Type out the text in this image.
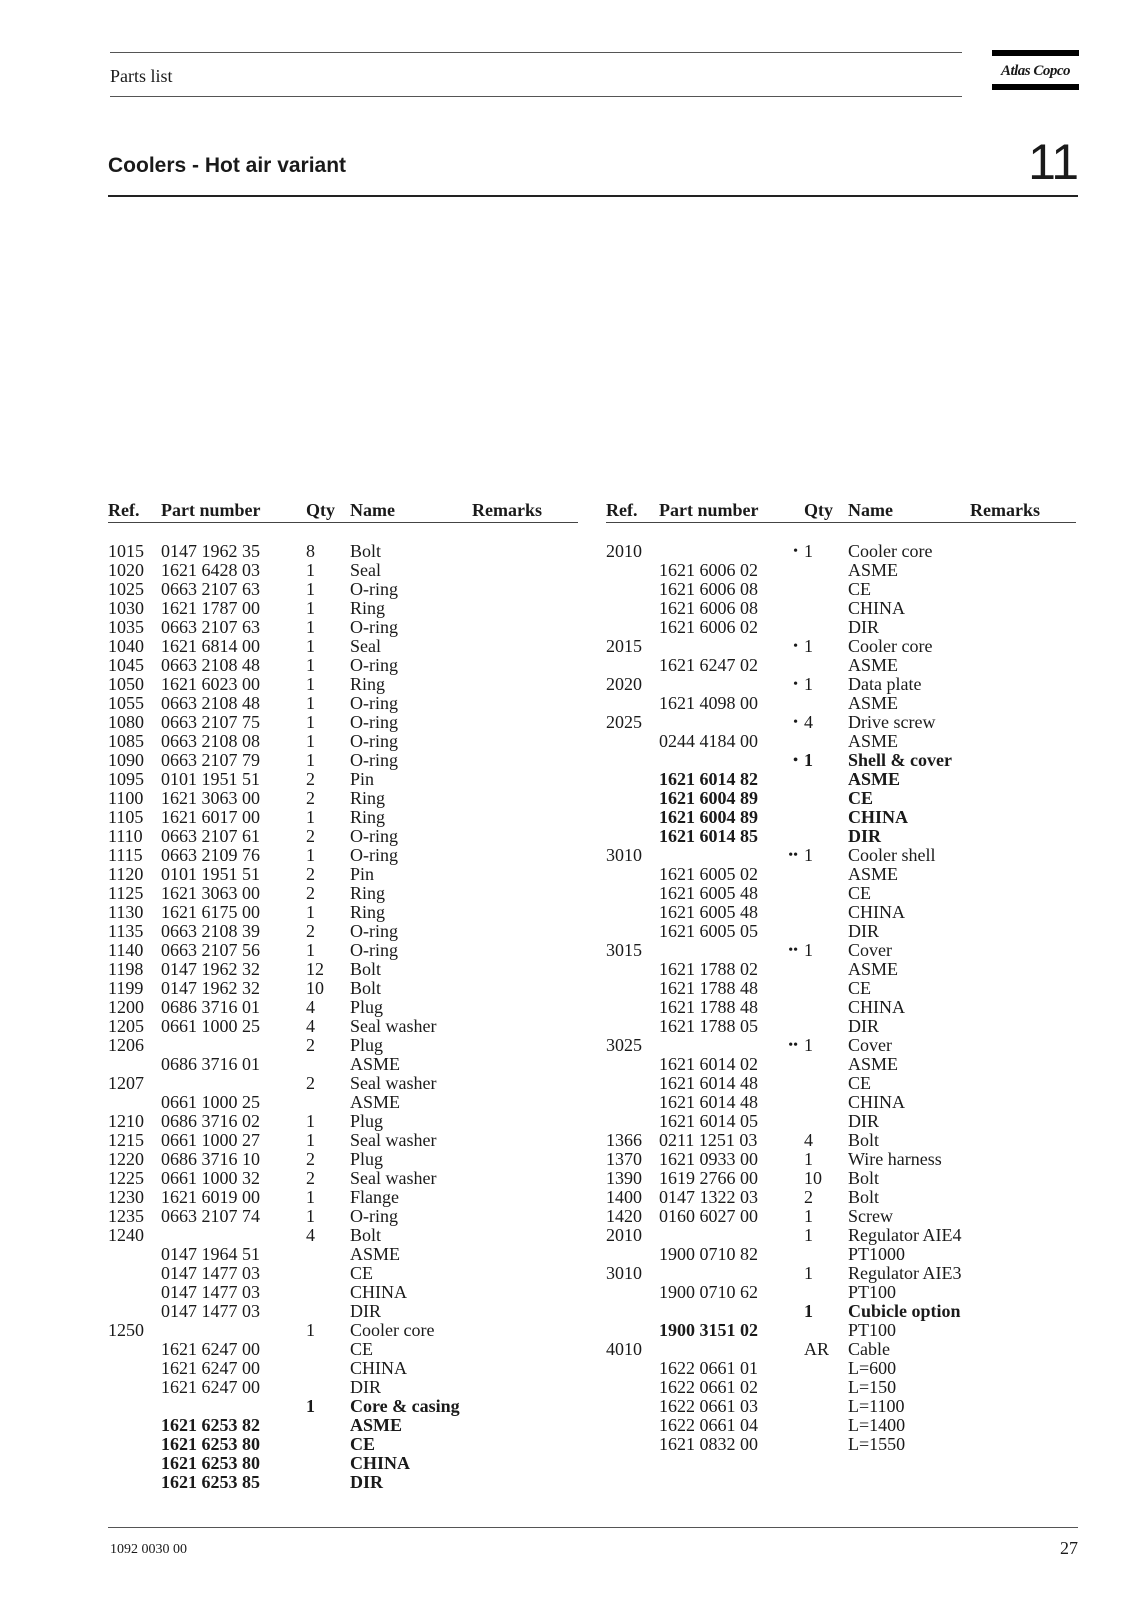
Parts list	Atlas Copco
Coolers - Hot air variant	11
Ref.	Part number		Qty	Name	Remarks

1015	0147 1962 35		8	Bolt	
1020	1621 6428 03		1	Seal	
1025	0663 2107 63		1	O-ring	
1030	1621 1787 00		1	Ring	
1035	0663 2107 63		1	O-ring	
1040	1621 6814 00		1	Seal	
1045	0663 2108 48		1	O-ring	
1050	1621 6023 00		1	Ring	
1055	0663 2108 48		1	O-ring	
1080	0663 2107 75		1	O-ring	
1085	0663 2108 08		1	O-ring	
1090	0663 2107 79		1	O-ring	
1095	0101 1951 51		2	Pin	
1100	1621 3063 00		2	Ring	
1105	1621 6017 00		1	Ring	
1110	0663 2107 61		2	O-ring	
1115	0663 2109 76		1	O-ring	
1120	0101 1951 51		2	Pin	
1125	1621 3063 00		2	Ring	
1130	1621 6175 00		1	Ring	
1135	0663 2108 39		2	O-ring	
1140	0663 2107 56		1	O-ring	
1198	0147 1962 32		12	Bolt	
1199	0147 1962 32		10	Bolt	
1200	0686 3716 01		4	Plug	
1205	0661 1000 25		4	Seal washer	
1206			2	Plug	
	0686 3716 01			ASME	
1207			2	Seal washer	
	0661 1000 25			ASME	
1210	0686 3716 02		1	Plug	
1215	0661 1000 27		1	Seal washer	
1220	0686 3716 10		2	Plug	
1225	0661 1000 32		2	Seal washer	
1230	1621 6019 00		1	Flange	
1235	0663 2107 74		1	O-ring	
1240			4	Bolt	
	0147 1964 51			ASME	
	0147 1477 03			CE	
	0147 1477 03			CHINA	
	0147 1477 03			DIR	
1250			1	Cooler core	
	1621 6247 00			CE	
	1621 6247 00			CHINA	
	1621 6247 00			DIR	
			1	Core & casing	
	1621 6253 82			ASME	
	1621 6253 80			CE	
	1621 6253 80			CHINA	
	1621 6253 85			DIR	
Ref.	Part number		Qty	Name	Remarks

2010		•	1	Cooler core	
	1621 6006 02			ASME	
	1621 6006 08			CE	
	1621 6006 08			CHINA	
	1621 6006 02			DIR	
2015		•	1	Cooler core	
	1621 6247 02			ASME	
2020		•	1	Data plate	
	1621 4098 00			ASME	
2025		•	4	Drive screw	
	0244 4184 00			ASME	
		•	1	Shell & cover	
	1621 6014 82			ASME	
	1621 6004 89			CE	
	1621 6004 89			CHINA	
	1621 6014 85			DIR	
3010		••	1	Cooler shell	
	1621 6005 02			ASME	
	1621 6005 48			CE	
	1621 6005 48			CHINA	
	1621 6005 05			DIR	
3015		••	1	Cover	
	1621 1788 02			ASME	
	1621 1788 48			CE	
	1621 1788 48			CHINA	
	1621 1788 05			DIR	
3025		••	1	Cover	
	1621 6014 02			ASME	
	1621 6014 48			CE	
	1621 6014 48			CHINA	
	1621 6014 05			DIR	
1366	0211 1251 03		4	Bolt	
1370	1621 0933 00		1	Wire harness	
1390	1619 2766 00		10	Bolt	
1400	0147 1322 03		2	Bolt	
1420	0160 6027 00		1	Screw	
2010			1	Regulator AIE4	
	1900 0710 82			PT1000	
3010			1	Regulator AIE3	
	1900 0710 62			PT100	
			1	Cubicle option	
	1900 3151 02			PT100	
4010			AR	Cable	
	1622 0661 01			L=600	
	1622 0661 02			L=150	
	1622 0661 03			L=1100	
	1622 0661 04			L=1400	
	1621 0832 00			L=1550	
1092 0030 00	27
